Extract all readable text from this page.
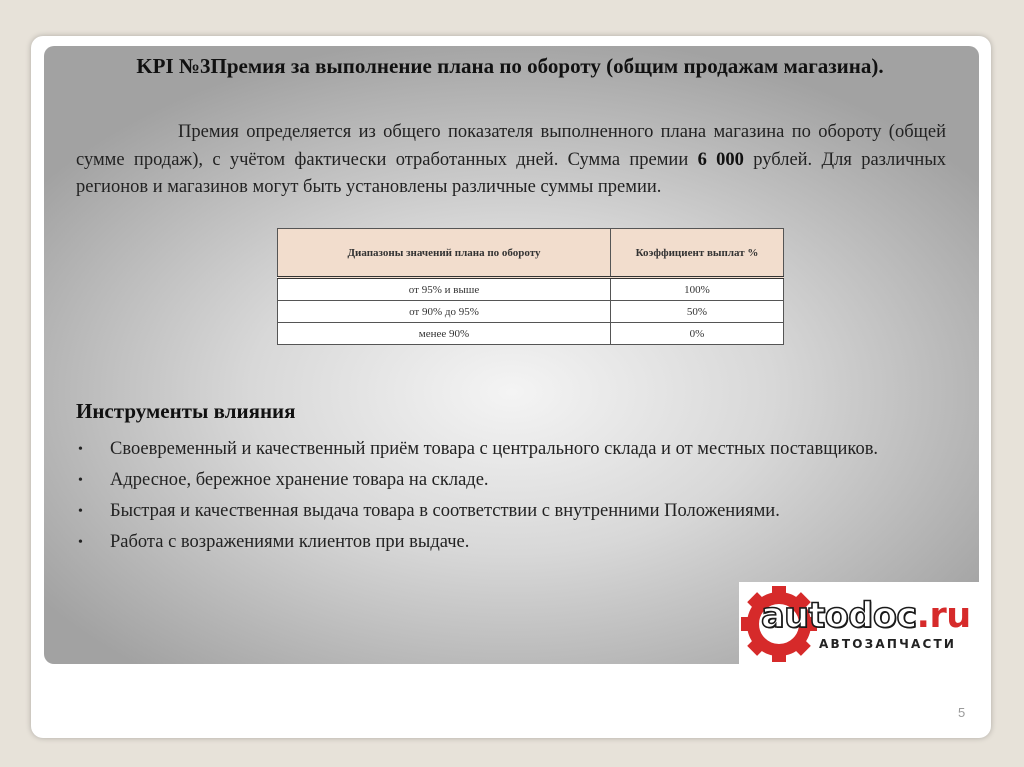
KPI №3Премия за выполнение плана по обороту (общим продажам магазина).

Премия определяется из общего показателя выполненного плана магазина по обороту (общей сумме продаж), с учётом фактически отработанных дней. Сумма премии 6 000 рублей. Для различных регионов и магазинов могут быть установлены различные суммы премии.

Диапазоны значений плана по обороту	Коэффициент выплат %
от 95% и выше	100%
от 90% до 95%	50%
менее 90%	0%
Инструменты влияния
• Своевременный и качественный приём товара с центрального склада и от местных поставщиков.
• Адресное, бережное хранение товара на складе.
• Быстрая и качественная выдача товара в соответствии с внутренними Положениями.
• Работа с возражениями клиентов при выдаче.
autodoc.ru
АВТОЗАПЧАСТИ
5
